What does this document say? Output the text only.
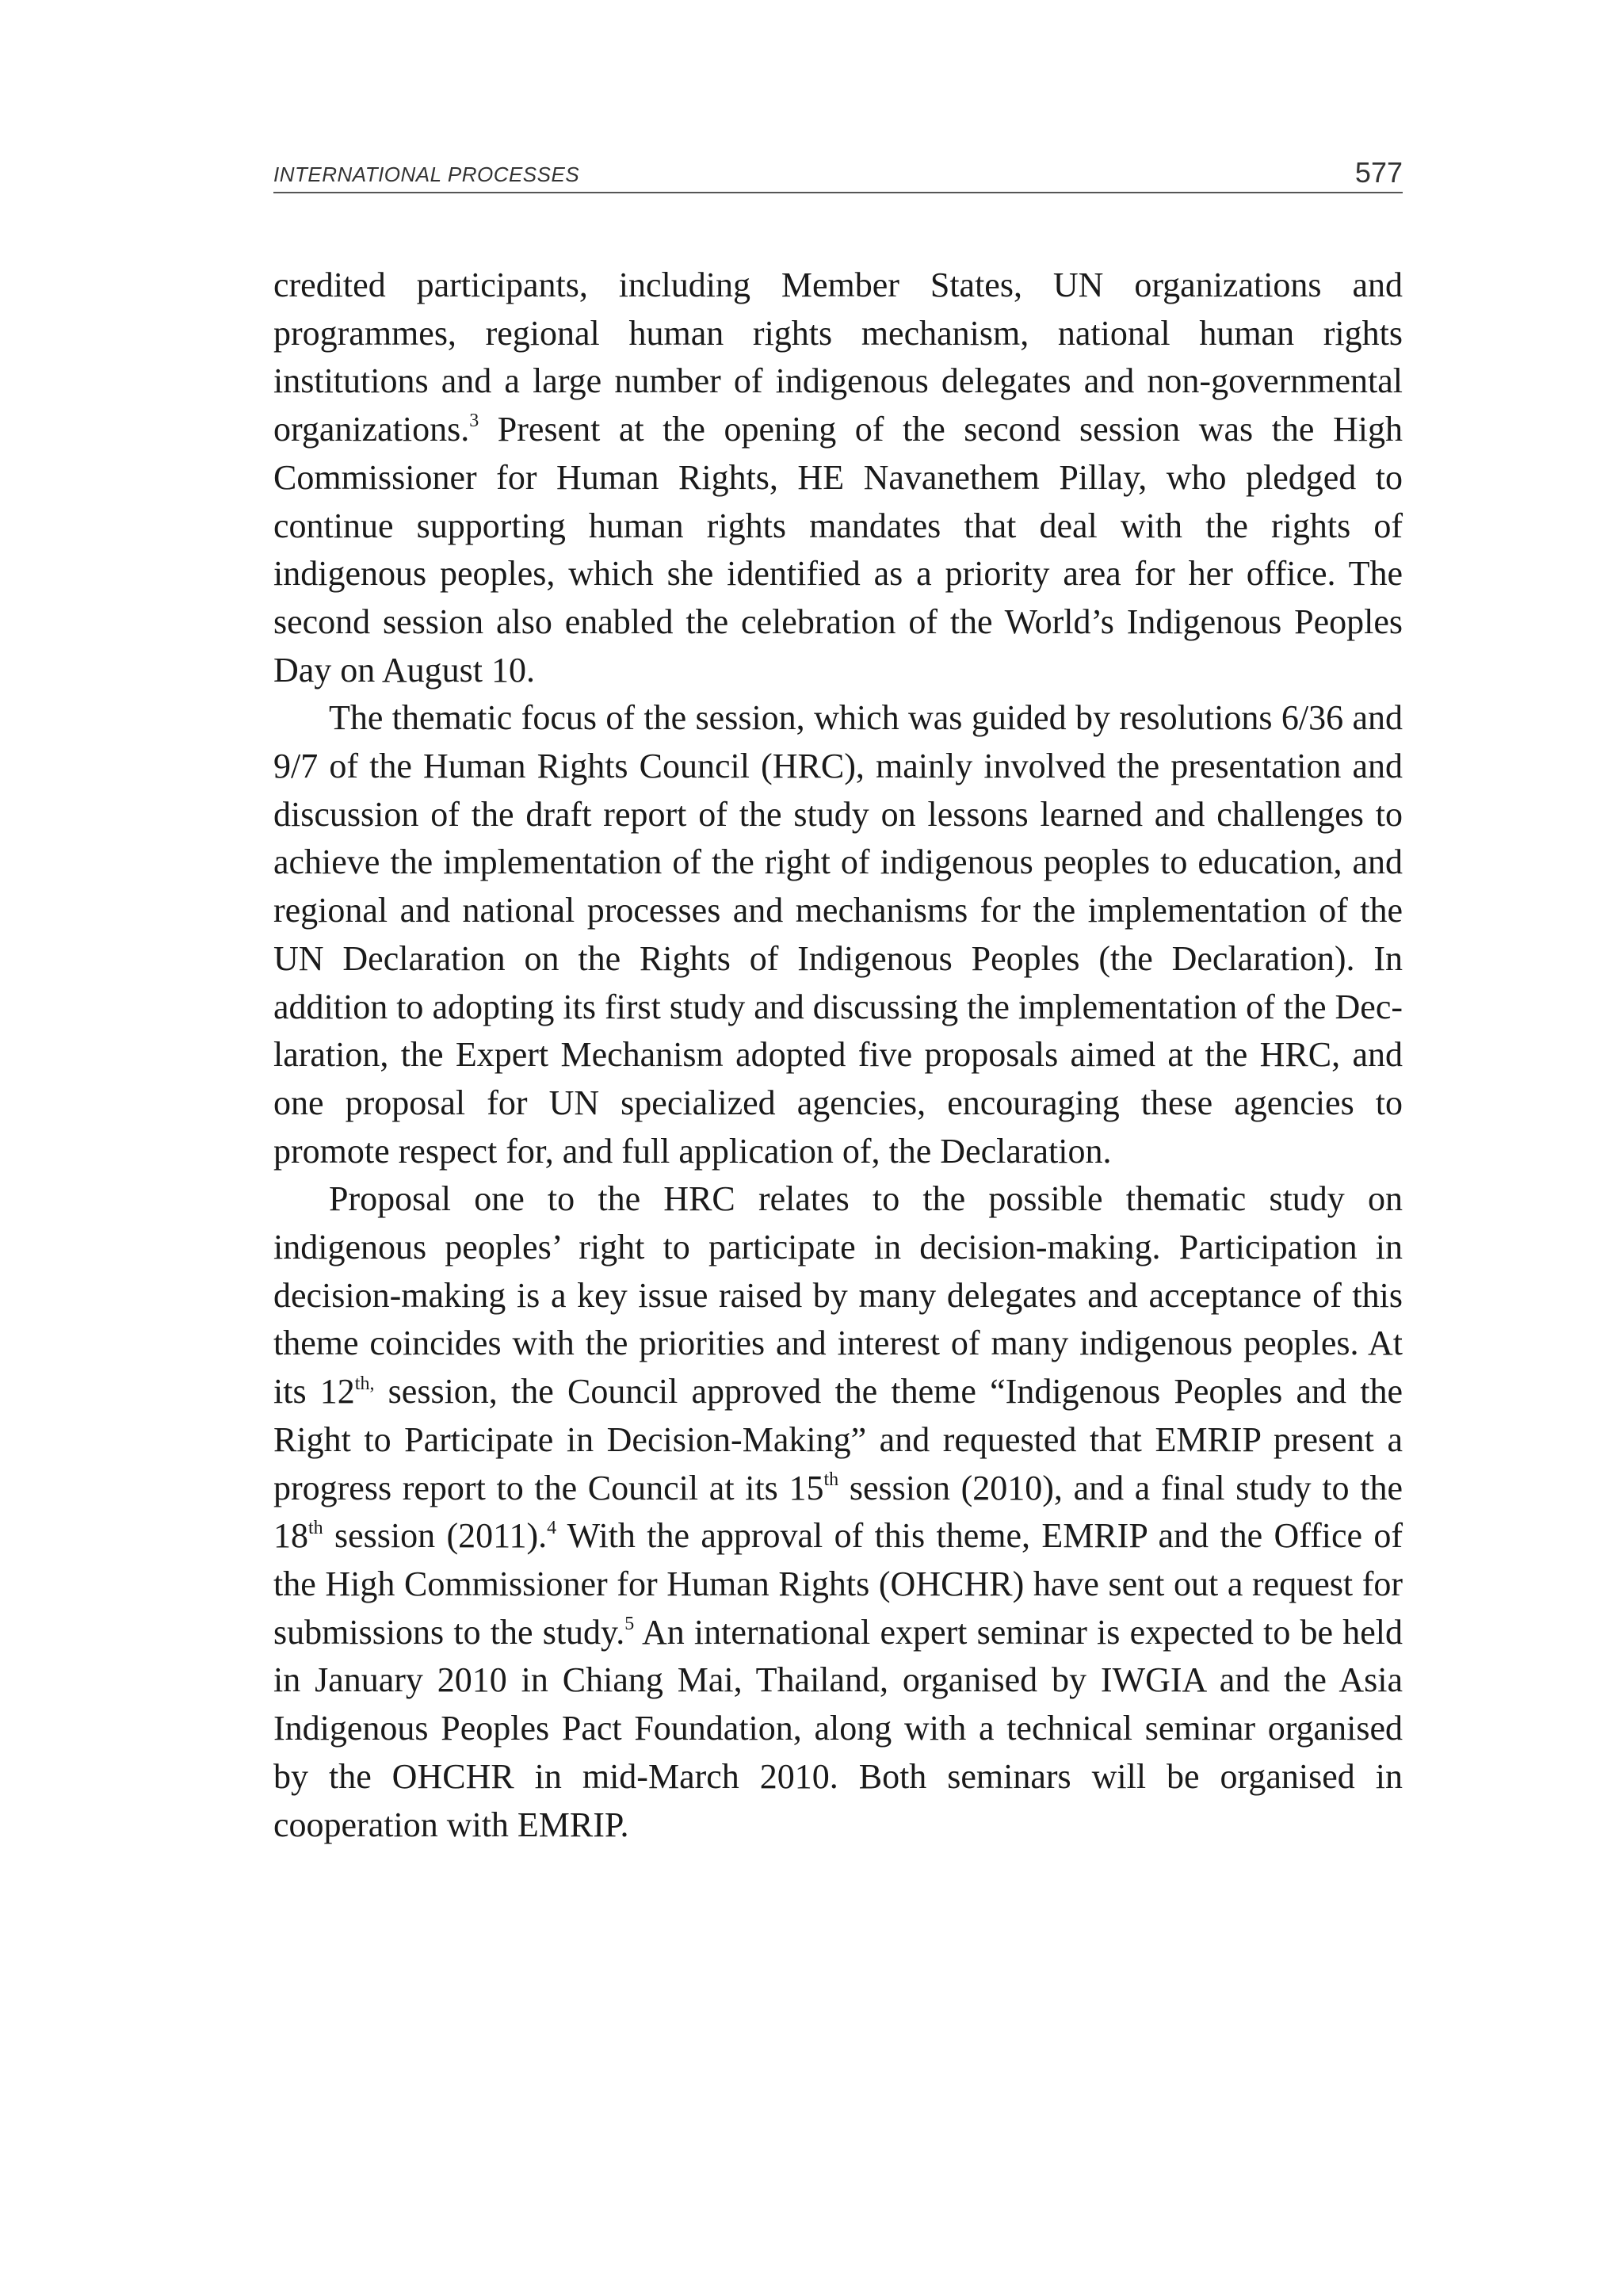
INTERNATIONAL PROCESSES	577

credited participants, including Member States, UN organizations and programmes, regional human rights mechanism, national human rights institutions and a large number of indigenous delegates and non-governmental organizations.$^3$ Present at the opening of the second session was the High Commissioner for Human Rights, HE Navanethem Pillay, who pledged to continue supporting human rights mandates that deal with the rights of indigenous peoples, which she identified as a priority area for her office. The second session also enabled the celebration of the World’s Indigenous Peoples Day on August 10.

The thematic focus of the session, which was guided by resolutions 6/36 and 9/7 of the Human Rights Council (HRC), mainly involved the presentation and discussion of the draft report of the study on lessons learned and challenges to achieve the implementation of the right of indigenous peoples to education, and regional and national processes and mechanisms for the implementation of the UN Declaration on the Rights of Indigenous Peoples (the Declaration). In addition to adopting its first study and discussing the implementation of the Declaration, the Expert Mechanism adopted five proposals aimed at the HRC, and one proposal for UN specialized agencies, encouraging these agencies to promote respect for, and full application of, the Declaration.

Proposal one to the HRC relates to the possible thematic study on indigenous peoples’ right to participate in decision-making. Participation in decision-making is a key issue raised by many delegates and acceptance of this theme coincides with the priorities and interest of many indigenous peoples. At its $12^{th,}$ session, the Council approved the theme “Indigenous Peoples and the Right to Participate in Decision-Making” and requested that EMRIP present a progress report to the Council at its 15th session (2010), and a final study to the 18th session (2011).$^4$ With the approval of this theme, EMRIP and the Office of the High Commissioner for Human Rights (OHCHR) have sent out a request for submissions to the study.$^5$ An international expert seminar is expected to be held in January 2010 in Chiang Mai, Thailand, organised by IWGIA and the Asia Indigenous Peoples Pact Foundation, along with a technical seminar organised by the OHCHR in mid-March 2010. Both seminars will be organised in cooperation with EMRIP.
